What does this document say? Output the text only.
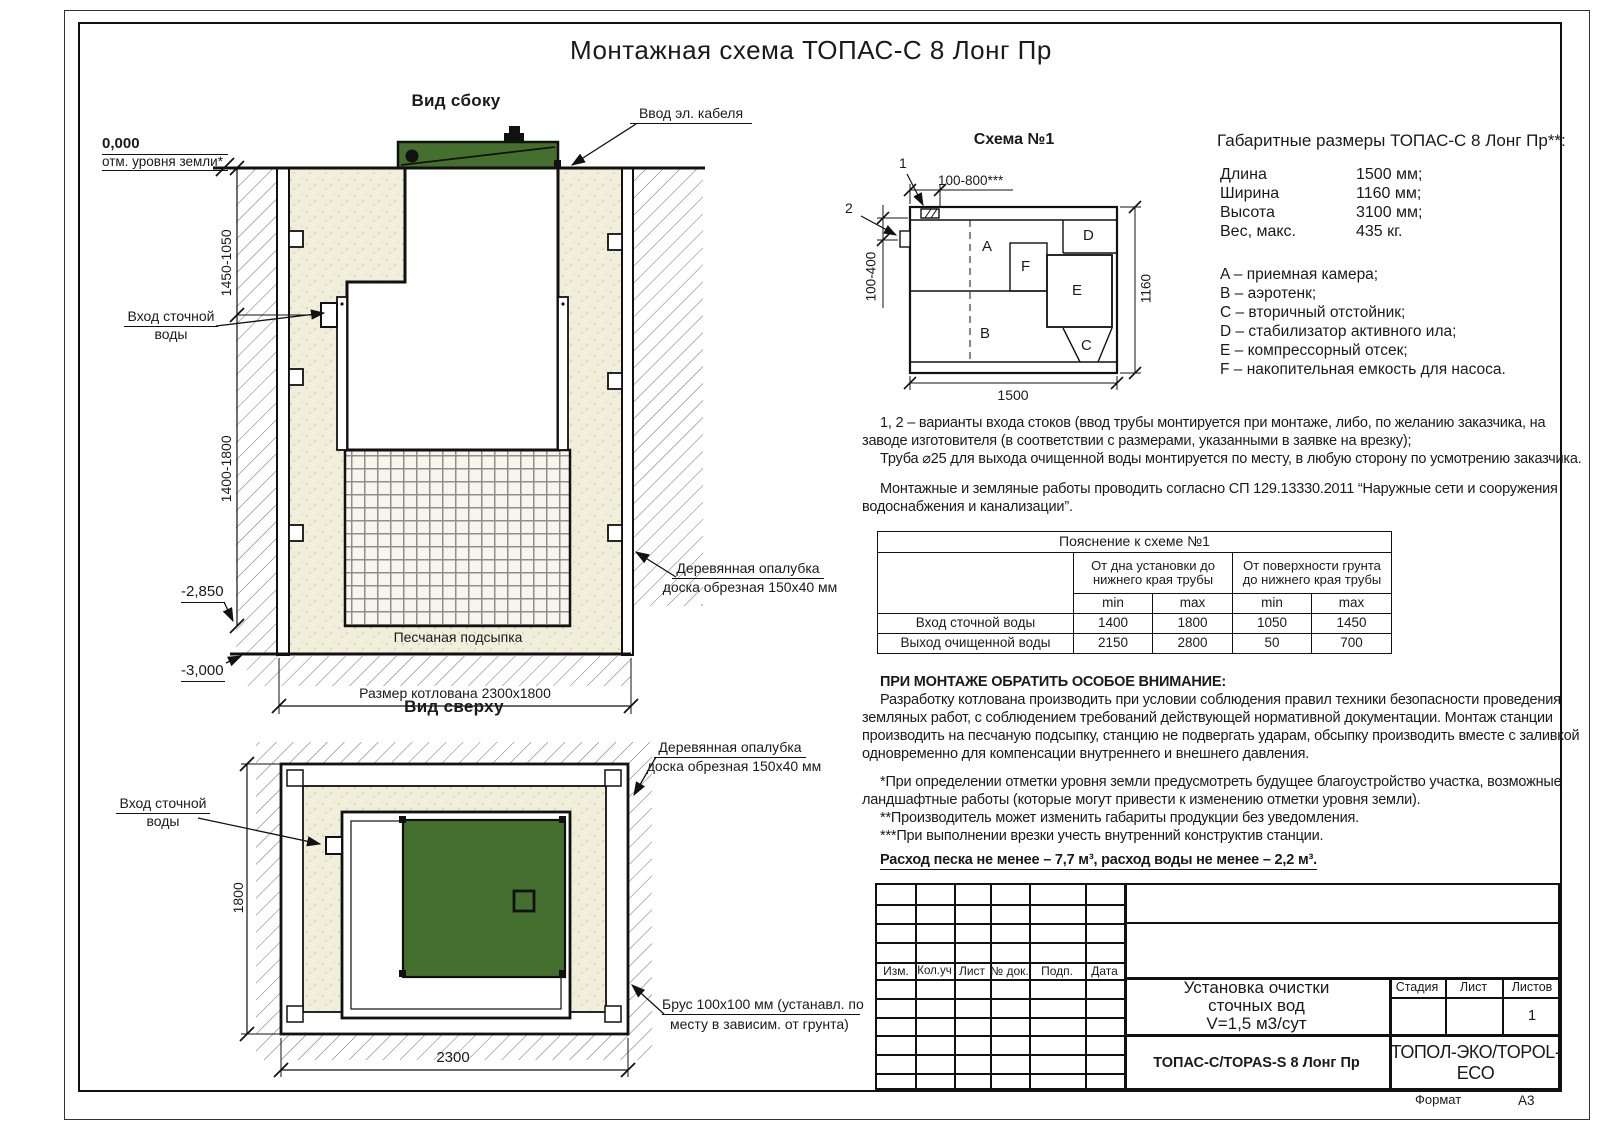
Монтажная схема ТОПАС-С 8 Лонг Пр
Вид сбоку
0,000
отм. уровня земли*
1450-1050
1400-1800
Вход сточной
воды
Ввод эл. кабеля
-2,850
-3,000
Песчаная подсыпка
Размер котлована 2300х1800
Деревянная опалубка
доска обрезная 150х40 мм
Вид сверху
Вход сточной
воды
Деревянная опалубка
доска обрезная 150х40 мм
Брус 100х100 мм (устанавл. по
месту в зависим. от грунта)
1800
2300
Схема №1
1
2
100-800***
100-400	1160
1500
A
B
C
D
E
F
Габаритные размеры ТОПАС-С 8 Лонг Пр**:
Длина	1500 мм;
Ширина	1160 мм;
Высота	3100 мм;
Вес, макс.	435 кг.
A – приемная камера;
B – аэротенк;
C – вторичный отстойник;
D – стабилизатор активного ила;
E – компрессорный отсек;
F – накопительная емкость для насоса.
1, 2 – варианты входа стоков (ввод трубы монтируется при монтаже, либо, по желанию заказчика, на
заводе изготовителя (в соответствии с размерами, указанными в заявке на врезку);
Труба ⌀25 для выхода очищенной воды монтируется по месту, в любую сторону по усмотрению заказчика.
Монтажные и земляные работы проводить согласно СП 129.13330.2011 “Наружные сети и сооружения
водоснабжения и канализации”.
Пояснение к схеме №1				

От дна установки до
нижнего края трубы

От поверхности грунта
до нижнего края трубы

	min	max	min	max
Вход сточной воды	1400	1800	1050	1450
Выход очищенной воды	2150	2800	50	700
ПРИ МОНТАЖЕ ОБРАТИТЬ ОСОБОЕ ВНИМАНИЕ:
Разработку котлована производить при условии соблюдения правил техники безопасности проведения
земляных работ, с соблюдением требований действующей нормативной документации. Монтаж станции
производить на песчаную подсыпку, станцию не подвергать ударам, обсыпку производить вместе с заливкой
одновременно для компенсации внутреннего и внешнего давления.
*При определении отметки уровня земли предусмотреть будущее благоустройство участка, возможные
ландшафтные работы (которые могут привести к изменению отметки уровня земли).
**Производитель может изменить габариты продукции без уведомления.
***При выполнении врезки учесть внутренний конструктив станции.
Расход песка не менее – 7,7 м³, расход воды не менее – 2,2 м³.
Изм. Кол.уч Лист № док.	Подп.	Дата
Установка очистки
сточных вод
V=1,5 м3/сут
Стадия	Лист	Листов
1
ТОПАС-С/TOPAS-S 8 Лонг Пр
ТОПОЛ-ЭКО/TOPOL-ECO
Формат	А3
